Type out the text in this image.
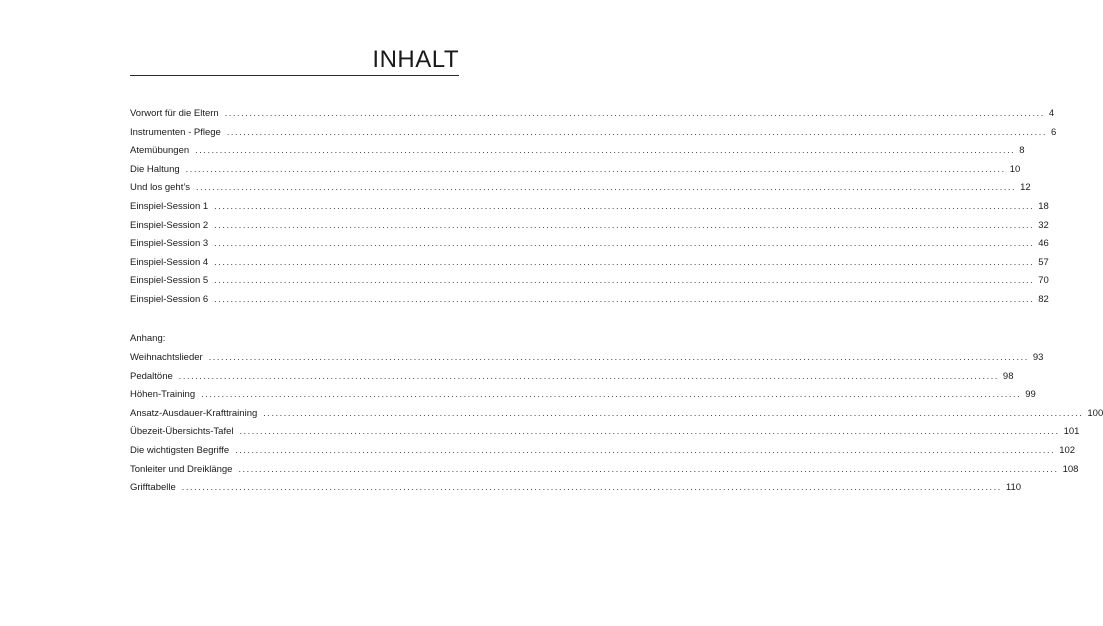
INHALT
Vorwort für die Eltern ........................................................................................................................................................................................................ 4
Instrumenten - Pflege ........................................................................................................................................................................................................ 6
Atemübungen ........................................................................................................................................................................................................ 8
Die Haltung ........................................................................................................................................................................................................ 10
Und los geht’s ........................................................................................................................................................................................................ 12
Einspiel-Session 1 ........................................................................................................................................................................................................ 18
Einspiel-Session 2 ........................................................................................................................................................................................................ 32
Einspiel-Session 3 ........................................................................................................................................................................................................ 46
Einspiel-Session 4 ........................................................................................................................................................................................................ 57
Einspiel-Session 5 ........................................................................................................................................................................................................ 70
Einspiel-Session 6 ........................................................................................................................................................................................................ 82
Anhang:
Weihnachtslieder ........................................................................................................................................................................................................ 93
Pedaltöne ........................................................................................................................................................................................................ 98
Höhen-Training ........................................................................................................................................................................................................ 99
Ansatz-Ausdauer-Krafttraining ........................................................................................................................................................................................................ 100
Übezeit-Übersichts-Tafel ........................................................................................................................................................................................................ 101
Die wichtigsten Begriffe ........................................................................................................................................................................................................ 102
Tonleiter und Dreiklänge ........................................................................................................................................................................................................ 108
Grifftabelle ........................................................................................................................................................................................................ 110
